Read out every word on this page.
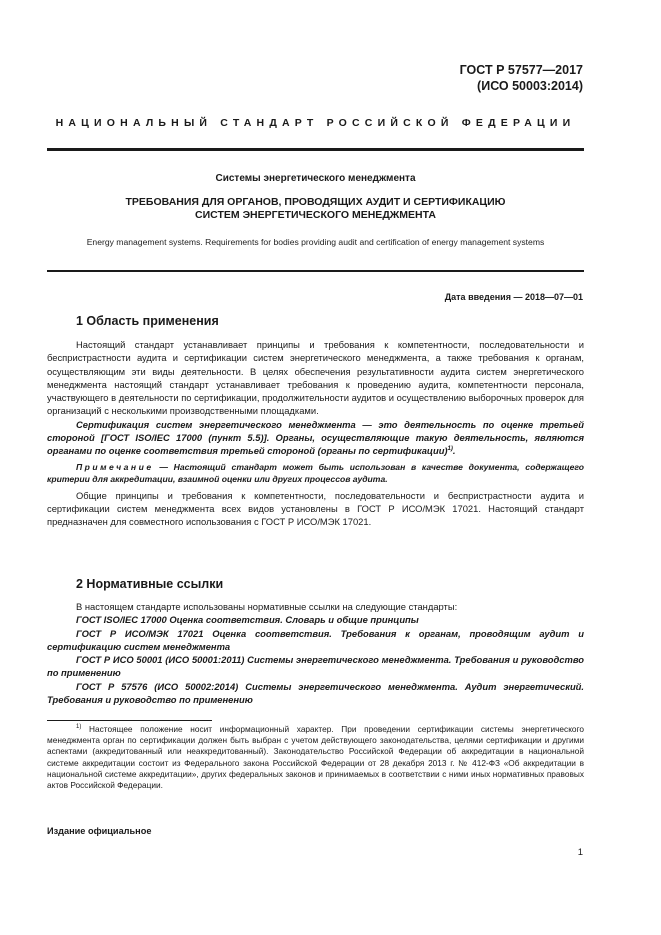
ГОСТ Р 57577—2017
(ИСО 50003:2014)
НАЦИОНАЛЬНЫЙ СТАНДАРТ РОССИЙСКОЙ ФЕДЕРАЦИИ
Системы энергетического менеджмента
ТРЕБОВАНИЯ ДЛЯ ОРГАНОВ, ПРОВОДЯЩИХ АУДИТ И СЕРТИФИКАЦИЮ
СИСТЕМ ЭНЕРГЕТИЧЕСКОГО МЕНЕДЖМЕНТА
Energy management systems. Requirements for bodies providing audit and certification of energy management systems
Дата введения — 2018—07—01
1 Область применения

Настоящий стандарт устанавливает принципы и требования к компетентности, последовательности и беспристрастности аудита и сертификации систем энергетического менеджмента, а также требования к органам, осуществляющим эти виды деятельности. В целях обеспечения результативности аудита систем энергетического менеджмента настоящий стандарт устанавливает требования к проведению аудита, компетентности персонала, участвующего в деятельности по сертификации, продолжительности аудитов и осуществлению выборочных проверок для организаций с несколькими производственными площадками.

Сертификация систем энергетического менеджмента — это деятельность по оценке третьей стороной [ГОСТ ISO/IEC 17000 (пункт 5.5)]. Органы, осуществляющие такую деятельность, являются органами по оценке соответствия третьей стороной (органы по сертификации)$^{1)}$.

Примечание — Настоящий стандарт может быть использован в качестве документа, содержащего критерии для аккредитации, взаимной оценки или других процессов аудита.

Общие принципы и требования к компетентности, последовательности и беспристрастности аудита и сертификации систем менеджмента всех видов установлены в ГОСТ Р ИСО/МЭК 17021. Настоящий стандарт предназначен для совместного использования с ГОСТ Р ИСО/МЭК 17021.

2 Нормативные ссылки

В настоящем стандарте использованы нормативные ссылки на следующие стандарты:

ГОСТ ISO/IEC 17000 Оценка соответствия. Словарь и общие принципы

ГОСТ Р ИСО/МЭК 17021 Оценка соответствия. Требования к органам, проводящим аудит и сертификацию систем менеджмента

ГОСТ Р ИСО 50001 (ИСО 50001:2011) Системы энергетического менеджмента. Требования и руководство по применению

ГОСТ Р 57576 (ИСО 50002:2014) Системы энергетического менеджмента. Аудит энергетический. Требования и руководство по применению

$^{1)}$ Настоящее положение носит информационный характер. При проведении сертификации системы энергетического менеджмента орган по сертификации должен быть выбран с учетом действующего законодательства, целями сертификации и другими аспектами (аккредитованный или неаккредитованный). Законодательство Российской Федерации об аккредитации в национальной системе аккредитации состоит из Федерального закона Российской Федерации от 28 декабря 2013 г. № 412-ФЗ «Об аккредитации в национальной системе аккредитации», других федеральных законов и принимаемых в соответствии с ними иных нормативных правовых актов Российской Федерации.

Издание официальное
1
